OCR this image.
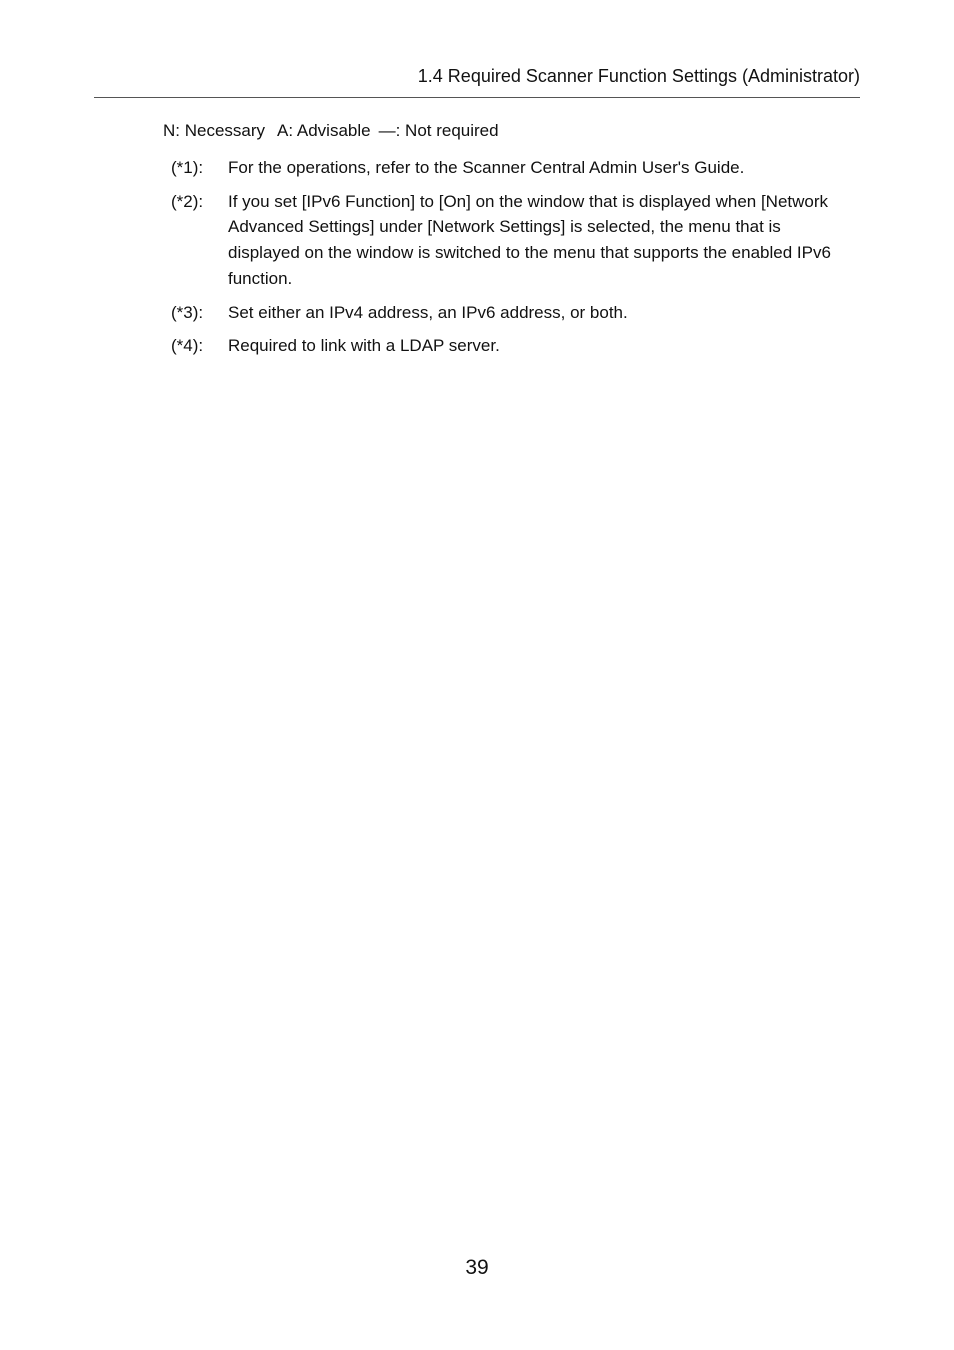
1.4 Required Scanner Function Settings (Administrator)
N: Necessary A: Advisable —: Not required
(*1): For the operations, refer to the Scanner Central Admin User's Guide.
(*2): If you set [IPv6 Function] to [On] on the window that is displayed when [Network Advanced Settings] under [Network Settings] is selected, the menu that is displayed on the window is switched to the menu that supports the enabled IPv6 function.
(*3): Set either an IPv4 address, an IPv6 address, or both.
(*4): Required to link with a LDAP server.
39
